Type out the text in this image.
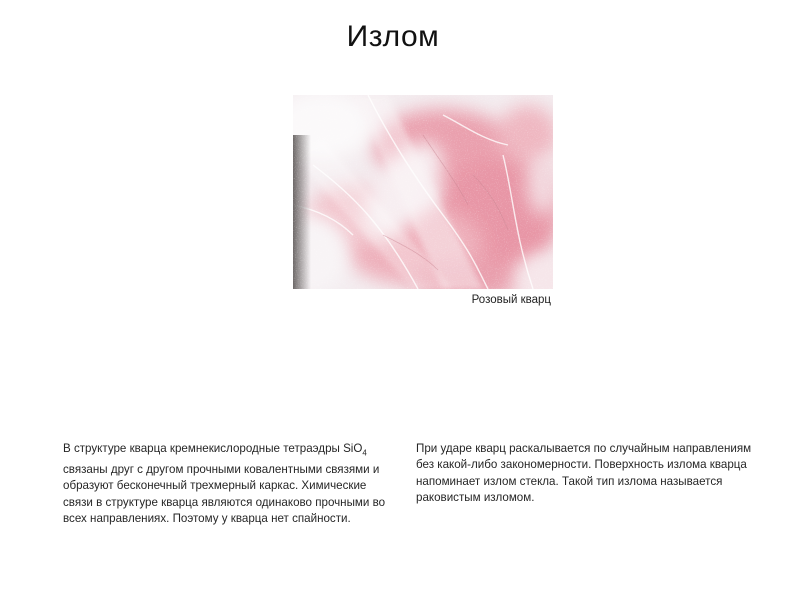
Излом
Розовый кварц

В структуре кварца кремнекислородные тетраэдры SiO$_4$ связаны друг с другом прочными ковалентными связями и образуют бесконечный трехмерный каркас. Химические связи в структуре кварца являются одинаково прочными во всех направлениях. Поэтому у кварца нет спайности.

При ударе кварц раскалывается по случайным направлениям без какой-либо закономерности. Поверхность излома кварца напоминает излом стекла. Такой тип излома называется раковистым изломом.
